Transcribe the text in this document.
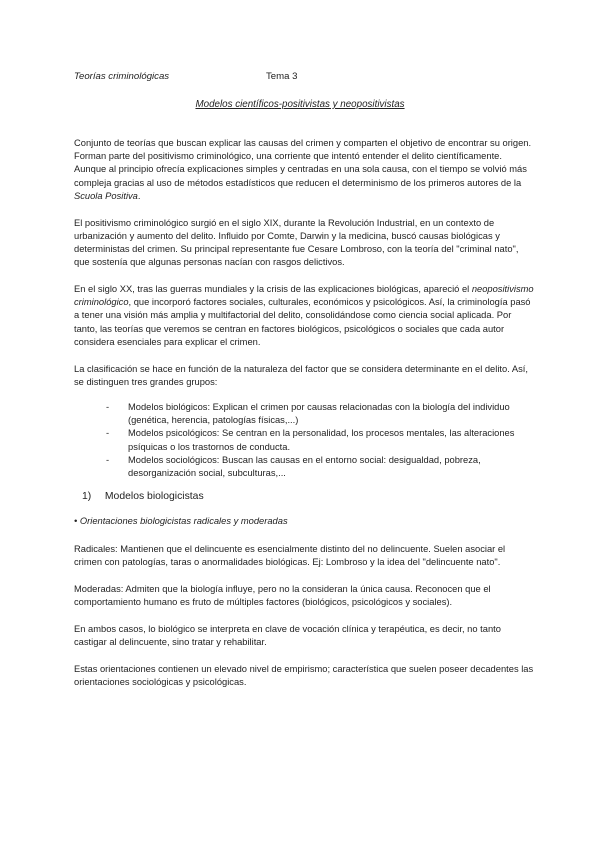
Teorías criminológicas	Tema 3
Modelos científicos-positivistas y neopositivistas

Conjunto de teorías que buscan explicar las causas del crimen y comparten el objetivo de encontrar su origen. Forman parte del positivismo criminológico, una corriente que intentó entender el delito científicamente. Aunque al principio ofrecía explicaciones simples y centradas en una sola causa, con el tiempo se volvió más compleja gracias al uso de métodos estadísticos que reducen el determinismo de los primeros autores de la Scuola Positiva.

El positivismo criminológico surgió en el siglo XIX, durante la Revolución Industrial, en un contexto de urbanización y aumento del delito. Influido por Comte, Darwin y la medicina, buscó causas biológicas y deterministas del crimen. Su principal representante fue Cesare Lombroso, con la teoría del "criminal nato", que sostenía que algunas personas nacían con rasgos delictivos.

En el siglo XX, tras las guerras mundiales y la crisis de las explicaciones biológicas, apareció el neopositivismo criminológico, que incorporó factores sociales, culturales, económicos y psicológicos. Así, la criminología pasó a tener una visión más amplia y multifactorial del delito, consolidándose como ciencia social aplicada. Por tanto, las teorías que veremos se centran en factores biológicos, psicológicos o sociales que cada autor considera esenciales para explicar el crimen.

La clasificación se hace en función de la naturaleza del factor que se considera determinante en el delito. Así, se distinguen tres grandes grupos:

- Modelos biológicos: Explican el crimen por causas relacionadas con la biología del individuo (genética, herencia, patologías físicas,...)
- Modelos psicológicos: Se centran en la personalidad, los procesos mentales, las alteraciones psíquicas o los trastornos de conducta.
- Modelos sociológicos: Buscan las causas en el entorno social: desigualdad, pobreza, desorganización social, subculturas,...
1) Modelos biologicistas

• Orientaciones biologicistas radicales y moderadas

Radicales: Mantienen que el delincuente es esencialmente distinto del no delincuente. Suelen asociar el crimen con patologías, taras o anormalidades biológicas. Ej: Lombroso y la idea del "delincuente nato".

Moderadas: Admiten que la biología influye, pero no la consideran la única causa. Reconocen que el comportamiento humano es fruto de múltiples factores (biológicos, psicológicos y sociales).

En ambos casos, lo biológico se interpreta en clave de vocación clínica y terapéutica, es decir, no tanto castigar al delincuente, sino tratar y rehabilitar.

Estas orientaciones contienen un elevado nivel de empirismo; característica que suelen poseer decadentes las orientaciones sociológicas y psicológicas.
